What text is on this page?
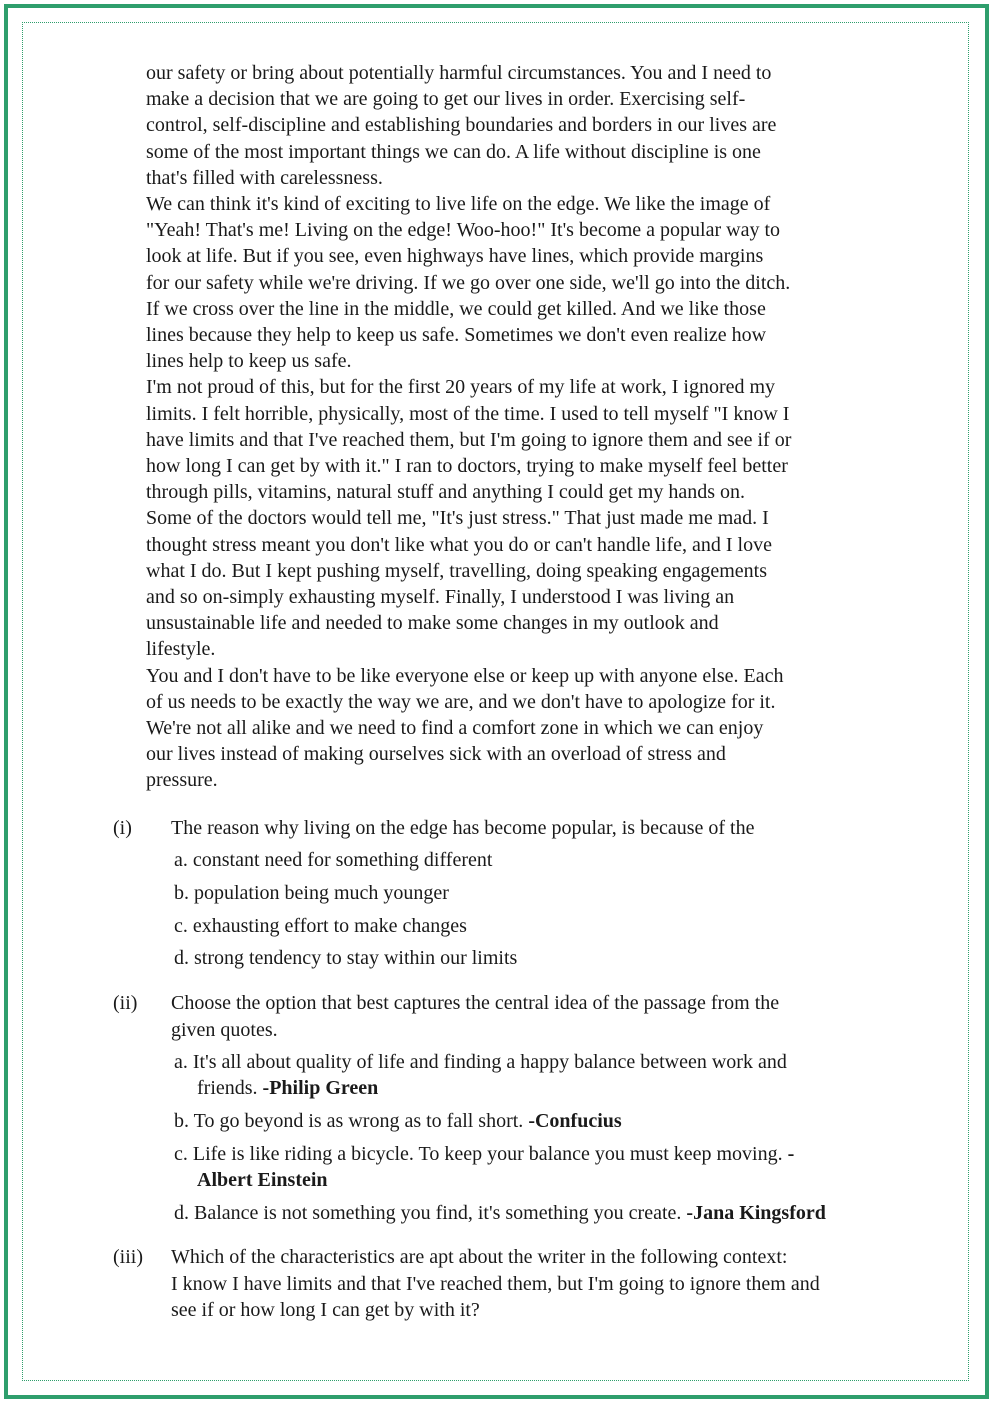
our safety or bring about potentially harmful circumstances. You and I need to
make a decision that we are going to get our lives in order. Exercising self-
control, self-discipline and establishing boundaries and borders in our lives are
some of the most important things we can do. A life without discipline is one
that's filled with carelessness.
We can think it's kind of exciting to live life on the edge. We like the image of
"Yeah! That's me! Living on the edge! Woo-hoo!" It's become a popular way to
look at life. But if you see, even highways have lines, which provide margins
for our safety while we're driving. If we go over one side, we'll go into the ditch.
If we cross over the line in the middle, we could get killed. And we like those
lines because they help to keep us safe. Sometimes we don't even realize how
lines help to keep us safe.
I'm not proud of this, but for the first 20 years of my life at work, I ignored my
limits. I felt horrible, physically, most of the time. I used to tell myself "I know I
have limits and that I've reached them, but I'm going to ignore them and see if or
how long I can get by with it." I ran to doctors, trying to make myself feel better
through pills, vitamins, natural stuff and anything I could get my hands on.
Some of the doctors would tell me, "It's just stress." That just made me mad. I
thought stress meant you don't like what you do or can't handle life, and I love
what I do. But I kept pushing myself, travelling, doing speaking engagements
and so on-simply exhausting myself. Finally, I understood I was living an
unsustainable life and needed to make some changes in my outlook and
lifestyle.
You and I don't have to be like everyone else or keep up with anyone else. Each
of us needs to be exactly the way we are, and we don't have to apologize for it.
We're not all alike and we need to find a comfort zone in which we can enjoy
our lives instead of making ourselves sick with an overload of stress and
pressure.
(i) The reason why living on the edge has become popular, is because of the
a. constant need for something different
b. population being much younger
c. exhausting effort to make changes
d. strong tendency to stay within our limits
(ii) Choose the option that best captures the central idea of the passage from the
given quotes.
a. It's all about quality of life and finding a happy balance between work and
friends. -Philip Green
b. To go beyond is as wrong as to fall short. -Confucius
c. Life is like riding a bicycle. To keep your balance you must keep moving. -
Albert Einstein
d. Balance is not something you find, it's something you create. -Jana Kingsford
(iii) Which of the characteristics are apt about the writer in the following context:
I know I have limits and that I've reached them, but I'm going to ignore them and
see if or how long I can get by with it?
